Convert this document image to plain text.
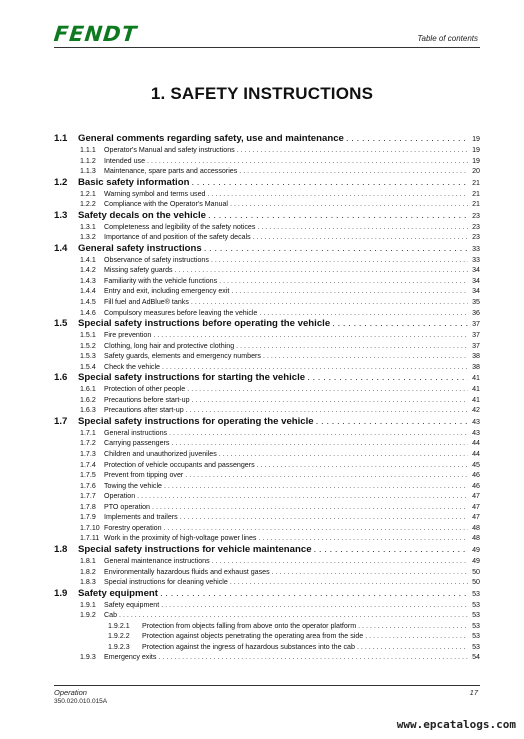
FENDT	Table of contents
1. SAFETY INSTRUCTIONS
1.1	General comments regarding safety, use and maintenance . . .	19
1.1.1	Operator's Manual and safety instructions . . .	19
1.1.2	Intended use . . .	19
1.1.3	Maintenance, spare parts and accessories . . .	20
1.2	Basic safety information . . .	21
1.2.1	Warning symbol and terms used . . .	21
1.2.2	Compliance with the Operator's Manual . . .	21
1.3	Safety decals on the vehicle . . .	23
1.3.1	Completeness and legibility of the safety notices . . .	23
1.3.2	Importance of and position of the safety decals . . .	23
1.4	General safety instructions . . .	33
1.4.1	Observance of safety instructions . . .	33
1.4.2	Missing safety guards . . .	34
1.4.3	Familiarity with the vehicle functions . . .	34
1.4.4	Entry and exit, including emergency exit . . .	34
1.4.5	Fill fuel and AdBlue® tanks . . .	35
1.4.6	Compulsory measures before leaving the vehicle . . .	36
1.5	Special safety instructions before operating the vehicle . . .	37
1.5.1	Fire prevention . . .	37
1.5.2	Clothing, long hair and protective clothing . . .	37
1.5.3	Safety guards, elements and emergency numbers . . .	38
1.5.4	Check the vehicle . . .	38
1.6	Special safety instructions for starting the vehicle . . .	41
1.6.1	Protection of other people . . .	41
1.6.2	Precautions before start-up . . .	41
1.6.3	Precautions after start-up . . .	42
1.7	Special safety instructions for operating the vehicle . . .	43
1.7.1	General instructions . . .	43
1.7.2	Carrying passengers . . .	44
1.7.3	Children and unauthorized juveniles . . .	44
1.7.4	Protection of vehicle occupants and passengers . . .	45
1.7.5	Prevent from tipping over . . .	46
1.7.6	Towing the vehicle . . .	46
1.7.7	Operation . . .	47
1.7.8	PTO operation . . .	47
1.7.9	Implements and trailers . . .	47
1.7.10 Forestry operation . . .	48
1.7.11 Work in the proximity of high-voltage power lines . . .	48
1.8	Special safety instructions for vehicle maintenance . . .	49
1.8.1	General maintenance instructions . . .	49
1.8.2	Environmentally hazardous fluids and exhaust gases . . .	50
1.8.3	Special instructions for cleaning vehicle . . .	50
1.9	Safety equipment . . .	53
1.9.1	Safety equipment . . .	53
1.9.2	Cab . . .	53
1.9.2.1	Protection from objects falling from above onto the operator platform . . .	53
1.9.2.2	Protection against objects penetrating the operating area from the side . . .	53
1.9.2.3	Protection against the ingress of hazardous substances into the cab . . .	53
1.9.3	Emergency exits . . .	54
Operation
350.020.010.015A
17
www.epcatalogs.com
